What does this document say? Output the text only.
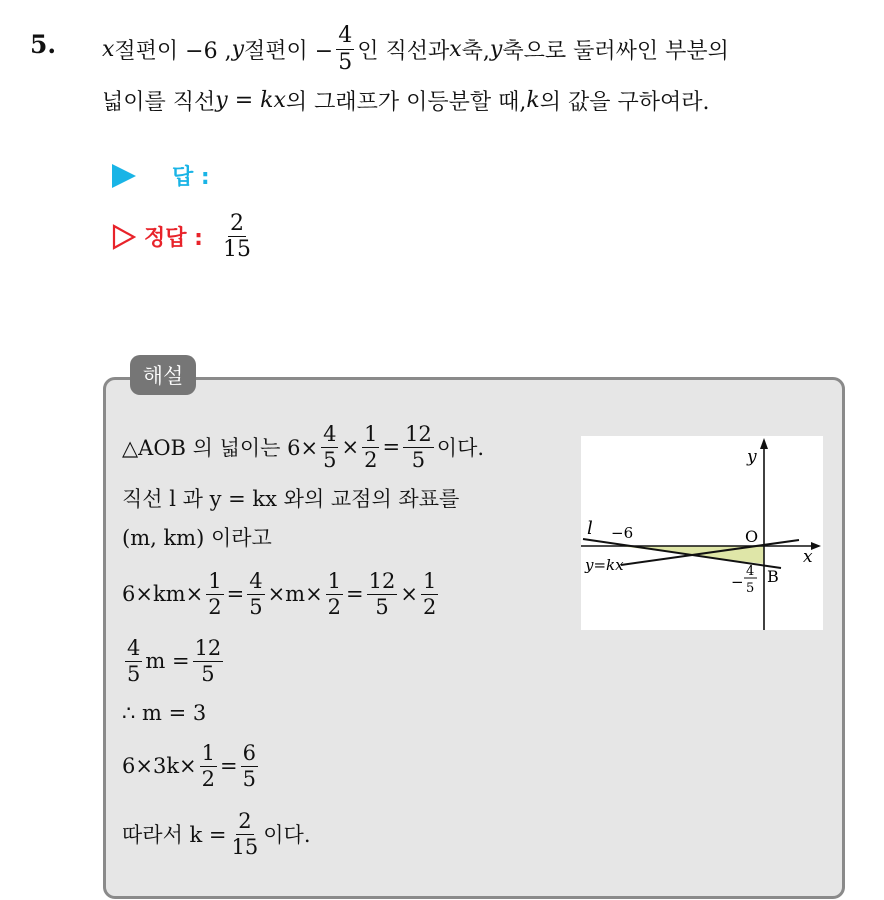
5. x 절편이 −6 , y 절편이 − $\frac{4}{5}$ 인 직선과 x 축, y 축으로 둘러싸인 부분의
넓이를 직선 y = kx 의 그래프가 이등분할 때, k 의 값을 구하여라.
답 :
정답 : $\frac{2}{15}$
해설
△AOB 의 넓이는 $6\times \frac{4}{5} \times \frac{1}{2} = \frac{12}{5}$ 이다.
직선 l 과 y = kx 와의 교점의 좌표를
(m, km) 이라고
$6\times km\times \frac{1}{2} = \frac{4}{5} \times m\times \frac{1}{2} = \frac{12}{5} \times \frac{1}{2}$
$\frac{4}{5}$ $m = \frac{12}{5}$
∴ m = 3
$6\times 3k\times \frac{1}{2} = \frac{6}{5}$
따라서 $k = \frac{2}{15}$ 이다.
y
x
l −6	O
y=kx
B
−
4
5
